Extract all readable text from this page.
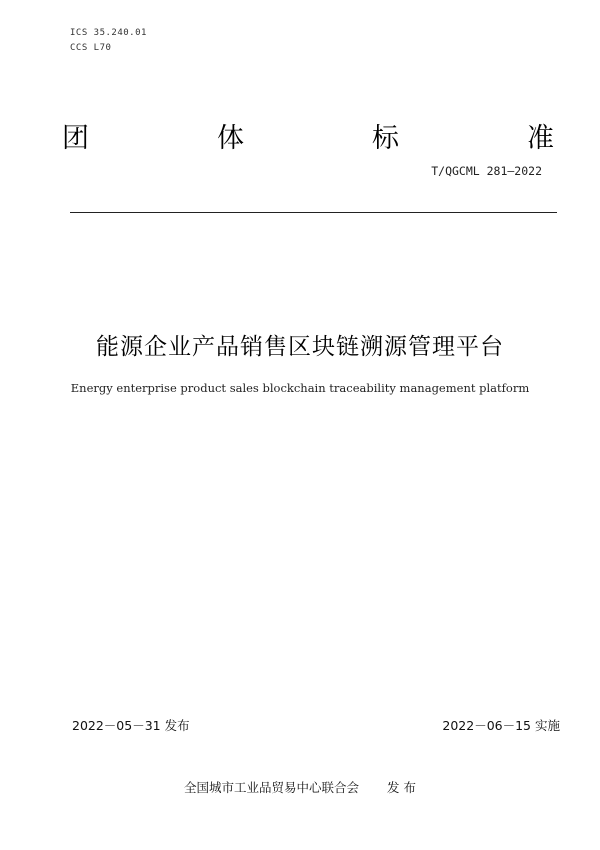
ICS 35.240.01
CCS L70
团	体	标	准
T/QGCML 281—2022
能源企业产品销售区块链溯源管理平台
Energy enterprise product sales blockchain traceability management platform
2022－05－31 发布	2022－06－15 实施
全国城市工业品贸易中心联合会 发 布
